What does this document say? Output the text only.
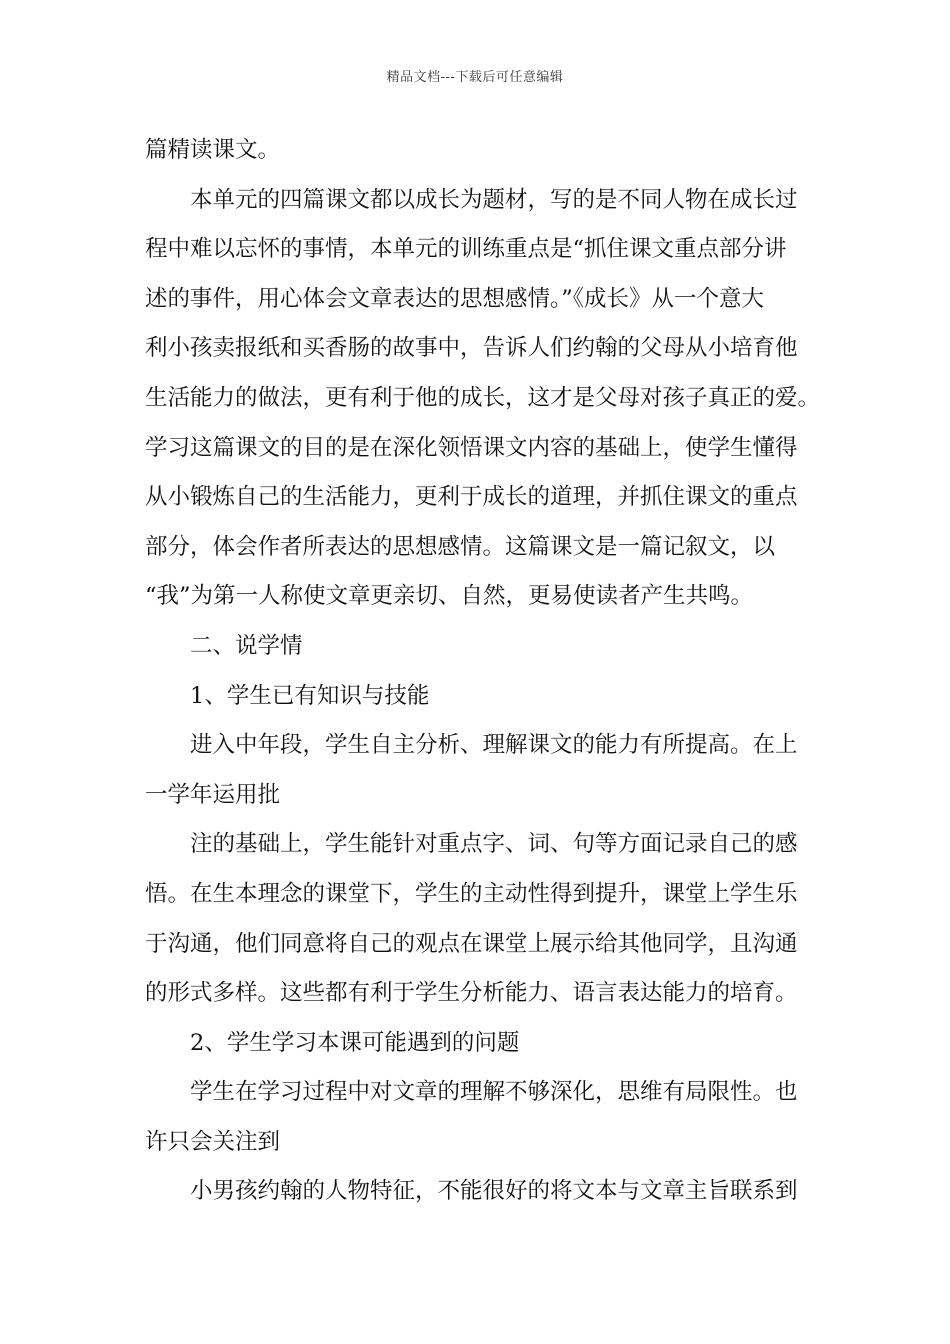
精品文档---下载后可任意编辑
篇精读课文。
本单元的四篇课文都以成长为题材，写的是不同人物在成长过
程中难以忘怀的事情，本单元的训练重点是“抓住课文重点部分讲
述的事件，用心体会文章表达的思想感情。”《成长》从一个意大
利小孩卖报纸和买香肠的故事中，告诉人们约翰的父母从小培育他
生活能力的做法，更有利于他的成长，这才是父母对孩子真正的爱。
学习这篇课文的目的是在深化领悟课文内容的基础上，使学生懂得
从小锻炼自己的生活能力，更利于成长的道理，并抓住课文的重点
部分，体会作者所表达的思想感情。这篇课文是一篇记叙文，以
“我”为第一人称使文章更亲切、自然，更易使读者产生共鸣。
二、说学情
1、学生已有知识与技能
进入中年段，学生自主分析、理解课文的能力有所提高。在上
一学年运用批
注的基础上，学生能针对重点字、词、句等方面记录自己的感
悟。在生本理念的课堂下，学生的主动性得到提升，课堂上学生乐
于沟通，他们同意将自己的观点在课堂上展示给其他同学，且沟通
的形式多样。这些都有利于学生分析能力、语言表达能力的培育。
2、学生学习本课可能遇到的问题
学生在学习过程中对文章的理解不够深化，思维有局限性。也
许只会关注到
小男孩约翰的人物特征，不能很好的将文本与文章主旨联系到
